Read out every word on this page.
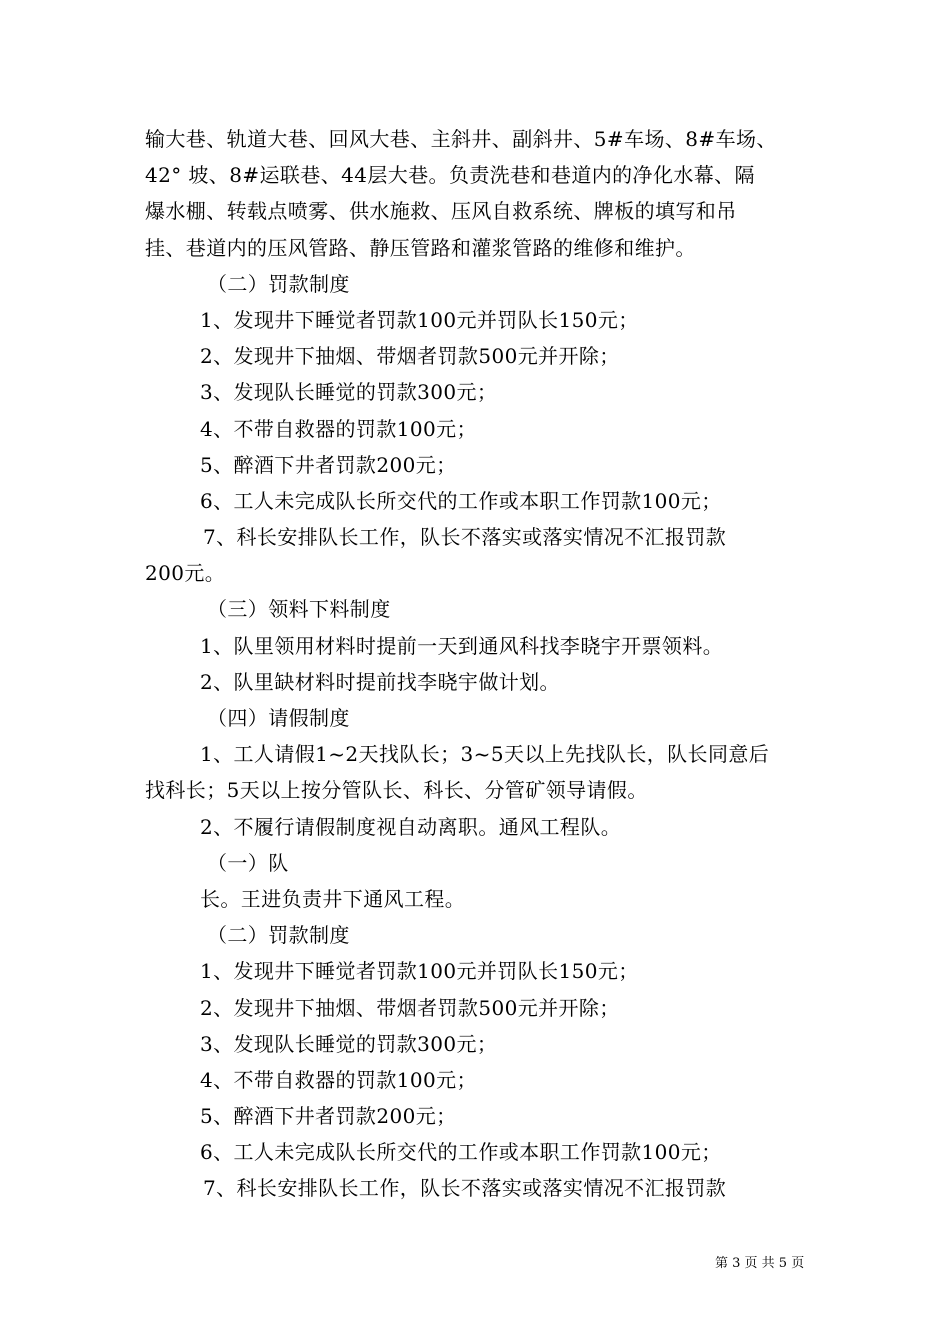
输大巷、轨道大巷、回风大巷、主斜井、副斜井、5#车场、8#车场、
42° 坡、8#运联巷、44层大巷。负责洗巷和巷道内的净化水幕、隔
爆水棚、转载点喷雾、供水施救、压风自救系统、牌板的填写和吊
挂、巷道内的压风管路、静压管路和灌浆管路的维修和维护。
（二）罚款制度
1、发现井下睡觉者罚款100元并罚队长150元；
2、发现井下抽烟、带烟者罚款500元并开除；
3、发现队长睡觉的罚款300元；
4、不带自救器的罚款100元；
5、醉酒下井者罚款200元；
6、工人未完成队长所交代的工作或本职工作罚款100元；
7、科长安排队长工作，队长不落实或落实情况不汇报罚款
200元。
（三）领料下料制度
1、队里领用材料时提前一天到通风科找李晓宇开票领料。
2、队里缺材料时提前找李晓宇做计划。
（四）请假制度
1、工人请假1~2天找队长；3~5天以上先找队长，队长同意后
找科长；5天以上按分管队长、科长、分管矿领导请假。
2、不履行请假制度视自动离职。通风工程队。
（一）队
长。王进负责井下通风工程。
（二）罚款制度
1、发现井下睡觉者罚款100元并罚队长150元；
2、发现井下抽烟、带烟者罚款500元并开除；
3、发现队长睡觉的罚款300元；
4、不带自救器的罚款100元；
5、醉酒下井者罚款200元；
6、工人未完成队长所交代的工作或本职工作罚款100元；
7、科长安排队长工作，队长不落实或落实情况不汇报罚款
第 3 页 共 5 页
